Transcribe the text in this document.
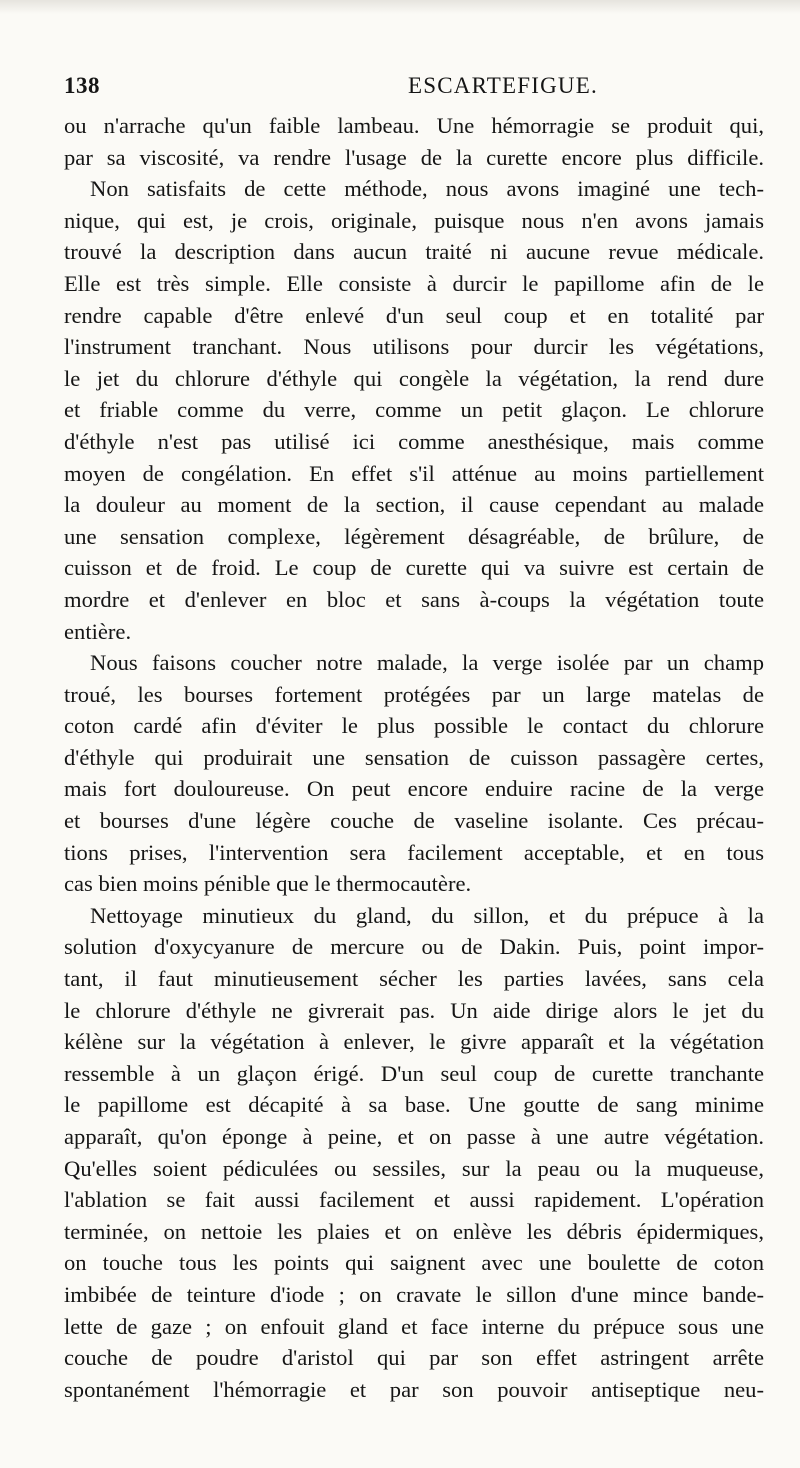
138	ESCARTEFIGUE.

ou n'arrache qu'un faible lambeau. Une hémorragie se produit qui,
par sa viscosité, va rendre l'usage de la curette encore plus difficile.

Non satisfaits de cette méthode, nous avons imaginé une tech-
nique, qui est, je crois, originale, puisque nous n'en avons jamais
trouvé la description dans aucun traité ni aucune revue médicale.
Elle est très simple. Elle consiste à durcir le papillome afin de le
rendre capable d'être enlevé d'un seul coup et en totalité par
l'instrument tranchant. Nous utilisons pour durcir les végétations,
le jet du chlorure d'éthyle qui congèle la végétation, la rend dure
et friable comme du verre, comme un petit glaçon. Le chlorure
d'éthyle n'est pas utilisé ici comme anesthésique, mais comme
moyen de congélation. En effet s'il atténue au moins partiellement
la douleur au moment de la section, il cause cependant au malade
une sensation complexe, légèrement désagréable, de brûlure, de
cuisson et de froid. Le coup de curette qui va suivre est certain de
mordre et d'enlever en bloc et sans à-coups la végétation toute
entière.

Nous faisons coucher notre malade, la verge isolée par un champ
troué, les bourses fortement protégées par un large matelas de
coton cardé afin d'éviter le plus possible le contact du chlorure
d'éthyle qui produirait une sensation de cuisson passagère certes,
mais fort douloureuse. On peut encore enduire racine de la verge
et bourses d'une légère couche de vaseline isolante. Ces précau-
tions prises, l'intervention sera facilement acceptable, et en tous
cas bien moins pénible que le thermocautère.

Nettoyage minutieux du gland, du sillon, et du prépuce à la
solution d'oxycyanure de mercure ou de Dakin. Puis, point impor-
tant, il faut minutieusement sécher les parties lavées, sans cela
le chlorure d'éthyle ne givrerait pas. Un aide dirige alors le jet du
kélène sur la végétation à enlever, le givre apparaît et la végétation
ressemble à un glaçon érigé. D'un seul coup de curette tranchante
le papillome est décapité à sa base. Une goutte de sang minime
apparaît, qu'on éponge à peine, et on passe à une autre végétation.
Qu'elles soient pédiculées ou sessiles, sur la peau ou la muqueuse,
l'ablation se fait aussi facilement et aussi rapidement. L'opération
terminée, on nettoie les plaies et on enlève les débris épidermiques,
on touche tous les points qui saignent avec une boulette de coton
imbibée de teinture d'iode ; on cravate le sillon d'une mince bande-
lette de gaze ; on enfouit gland et face interne du prépuce sous une
couche de poudre d'aristol qui par son effet astringent arrête
spontanément l'hémorragie et par son pouvoir antiseptique neu-
